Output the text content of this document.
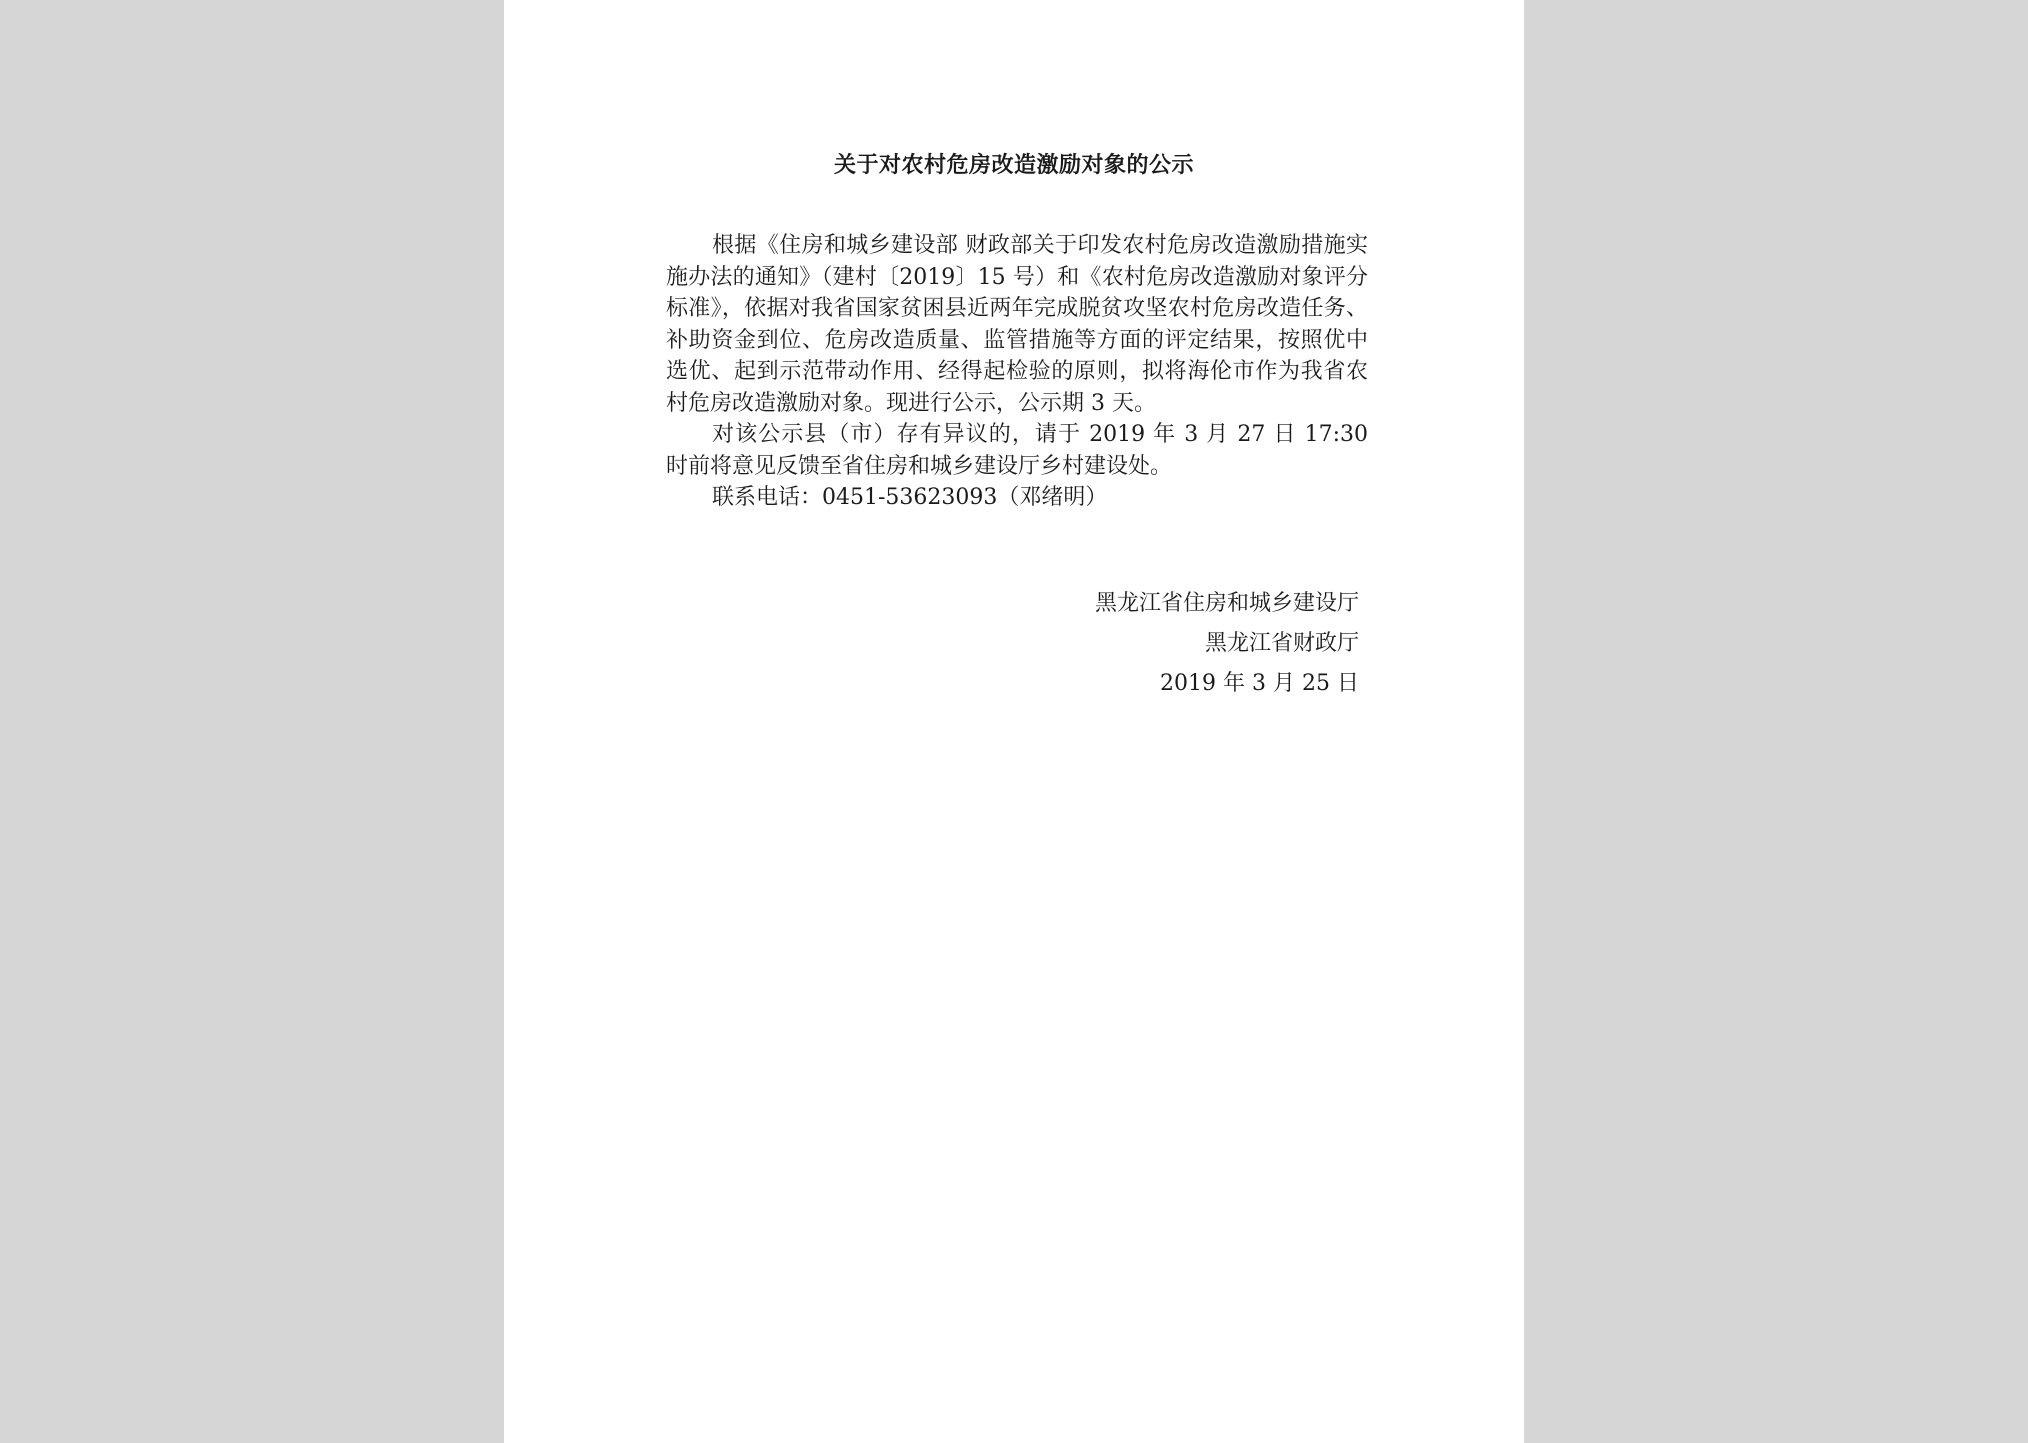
关于对农村危房改造激励对象的公示

根据《住房和城乡建设部 财政部关于印发农村危房改造激励措施实施办法的通知》（建村〔2019〕15 号）和《农村危房改造激励对象评分标准》，依据对我省国家贫困县近两年完成脱贫攻坚农村危房改造任务、补助资金到位、危房改造质量、监管措施等方面的评定结果，按照优中选优、起到示范带动作用、经得起检验的原则，拟将海伦市作为我省农村危房改造激励对象。现进行公示，公示期 3 天。

对该公示县（市）存有异议的，请于 2019 年 3 月 27 日 17:30 时前将意见反馈至省住房和城乡建设厅乡村建设处。

联系电话：0451-53623093（邓绪明）

黑龙江省住房和城乡建设厅

黑龙江省财政厅

2019 年 3 月 25 日
